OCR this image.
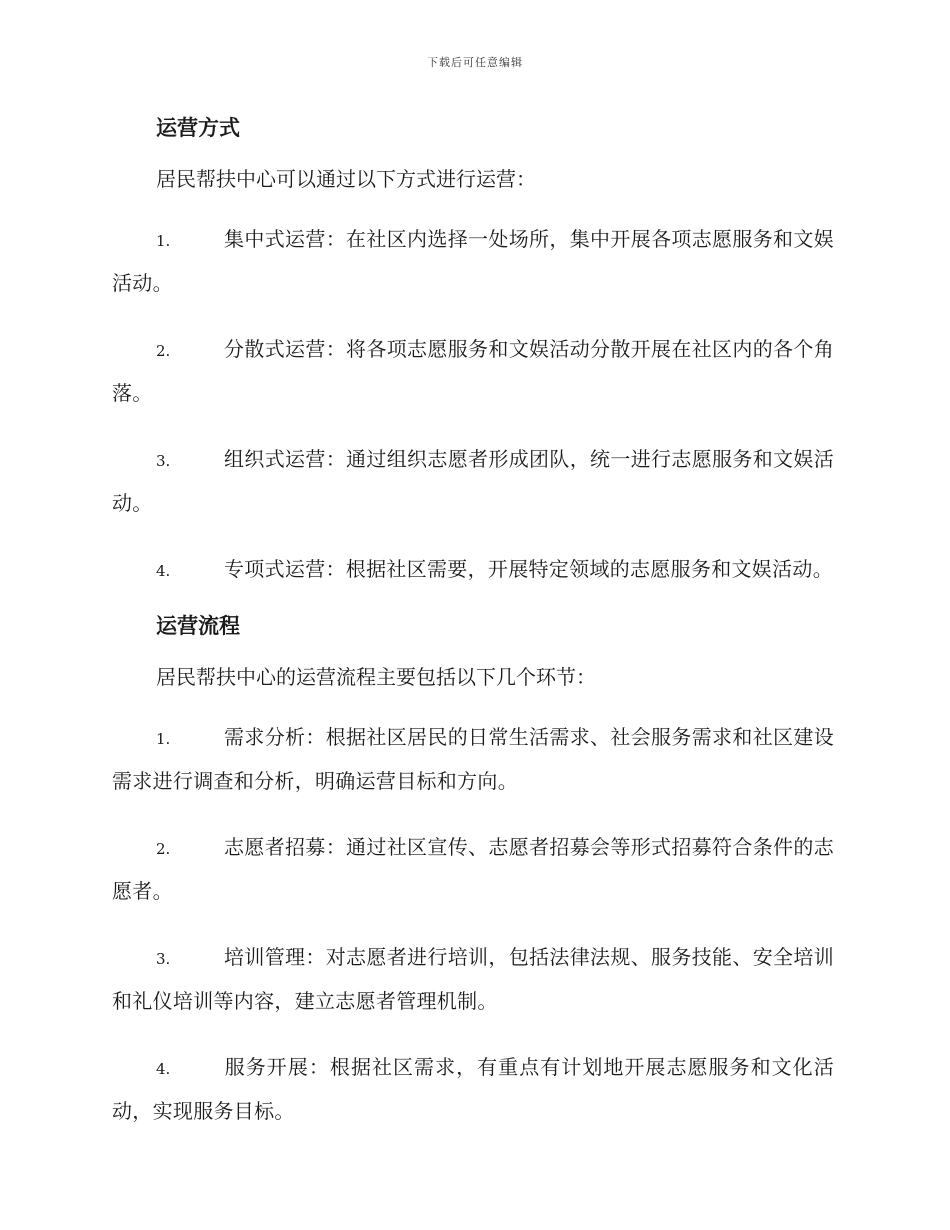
下载后可任意编辑
运营方式

居民帮扶中心可以通过以下方式进行运营：

1.	集中式运营：在社区内选择一处场所，集中开展各项志愿服务和文娱活动。
2.	分散式运营：将各项志愿服务和文娱活动分散开展在社区内的各个角落。
3.	组织式运营：通过组织志愿者形成团队，统一进行志愿服务和文娱活动。
4.	专项式运营：根据社区需要，开展特定领域的志愿服务和文娱活动。
运营流程

居民帮扶中心的运营流程主要包括以下几个环节：

1.	需求分析：根据社区居民的日常生活需求、社会服务需求和社区建设需求进行调查和分析，明确运营目标和方向。
2.	志愿者招募：通过社区宣传、志愿者招募会等形式招募符合条件的志愿者。
3.	培训管理：对志愿者进行培训，包括法律法规、服务技能、安全培训和礼仪培训等内容，建立志愿者管理机制。
4.	服务开展：根据社区需求，有重点有计划地开展志愿服务和文化活动，实现服务目标。
